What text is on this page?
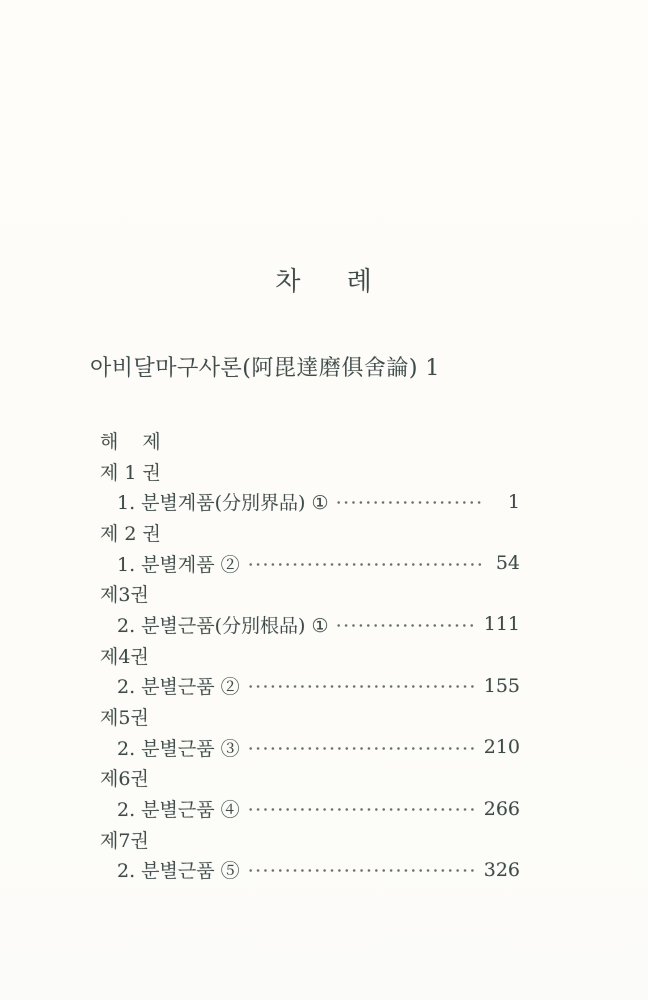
차 례
아비달마구사론(阿毘達磨俱舍論) 1
해 제
제 1 권
1. 분별계품(分別界品) ①	1
제 2 권
1. 분별계품 ②	54
제3권
2. 분별근품(分別根品) ①	111
제4권
2. 분별근품 ②	155
제5권
2. 분별근품 ③	210
제6권
2. 분별근품 ④	266
제7권
2. 분별근품 ⑤	326
